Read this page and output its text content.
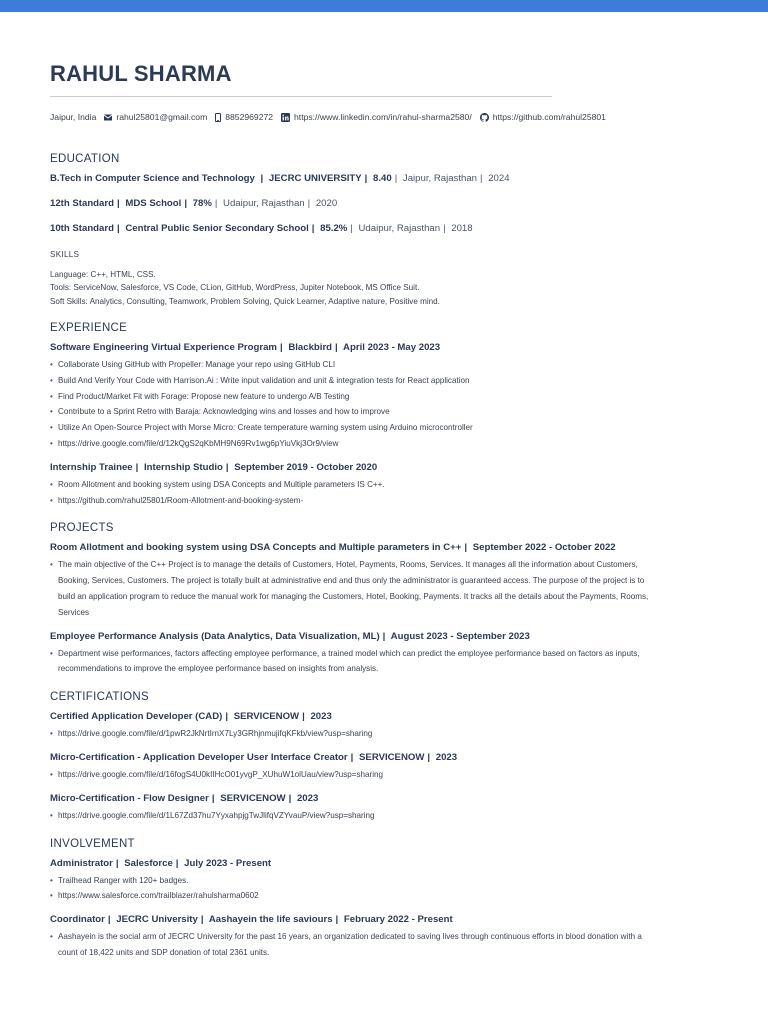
RAHUL SHARMA
Jaipur, India rahul25801@gmail.com 8852969272 https://www.linkedin.com/in/rahul-sharma2580/ https://github.com/rahul25801
EDUCATION
B.Tech in Computer Science and Technology | JECRC UNIVERSITY | 8.40 | Jaipur, Rajasthan | 2024
12th Standard | MDS School | 78% | Udaipur, Rajasthan | 2020
10th Standard | Central Public Senior Secondary School | 85.2% | Udaipur, Rajasthan | 2018
SKILLS
Language: C++, HTML, CSS.
Tools: ServiceNow, Salesforce, VS Code, CLion, GitHub, WordPress, Jupiter Notebook, MS Office Suit.
Soft Skills: Analytics, Consulting, Teamwork, Problem Solving, Quick Learner, Adaptive nature, Positive mind.
EXPERIENCE
Software Engineering Virtual Experience Program | Blackbird | April 2023 - May 2023
• Collaborate Using GitHub with Propeller: Manage your repo using GitHub CLI
• Build And Verify Your Code with Harrison.Ai : Write input validation and unit & integration tests for React application
• Find Product/Market Fit with Forage: Propose new feature to undergo A/B Testing
• Contribute to a Sprint Retro with Baraja: Acknowledging wins and losses and how to improve
• Utilize An Open-Source Project with Morse Micro: Create temperature warning system using Arduino microcontroller
• https://drive.google.com/file/d/12kQgS2qKbMH9N69Rv1wg6pYiuVkj3Or9/view
Internship Trainee | Internship Studio | September 2019 - October 2020
• Room Allotment and booking system using DSA Concepts and Multiple parameters IS C++.
• https://github.com/rahul25801/Room-Allotment-and-booking-system-
PROJECTS
Room Allotment and booking system using DSA Concepts and Multiple parameters in C++ | September 2022 - October 2022
• The main objective of the C++ Project is to manage the details of Customers, Hotel, Payments, Rooms, Services. It manages all the information about Customers,
Booking, Services, Customers. The project is totally built at administrative end and thus only the administrator is guaranteed access. The purpose of the project is to
build an application program to reduce the manual work for managing the Customers, Hotel, Booking, Payments. It tracks all the details about the Payments, Rooms,
Services
Employee Performance Analysis (Data Analytics, Data Visualization, ML) | August 2023 - September 2023
• Department wise performances, factors affecting employee performance, a trained model which can predict the employee performance based on factors as inputs,
recommendations to improve the employee performance based on insights from analysis.
CERTIFICATIONS
Certified Application Developer (CAD) | SERVICENOW | 2023
• https://drive.google.com/file/d/1pwR2JkNrtIrnX7Ly3GRhjnmujifqKFkb/view?usp=sharing
Micro-Certification - Application Developer User Interface Creator | SERVICENOW | 2023
• https://drive.google.com/file/d/16fogS4U0kIIHcO01yvgP_XUhuW1olUau/view?usp=sharing
Micro-Certification - Flow Designer | SERVICENOW | 2023
• https://drive.google.com/file/d/1L67Zd37hu7YyxahpjgTwJlifqVZYvauP/view?usp=sharing
INVOLVEMENT
Administrator | Salesforce | July 2023 - Present
• Trailhead Ranger with 120+ badges.
• https://www.salesforce.com/trailblazer/rahulsharma0602
Coordinator | JECRC University | Aashayein the life saviours | February 2022 - Present
• Aashayein is the social arm of JECRC University for the past 16 years, an organization dedicated to saving lives through continuous efforts in blood donation with a
count of 18,422 units and SDP donation of total 2361 units.
